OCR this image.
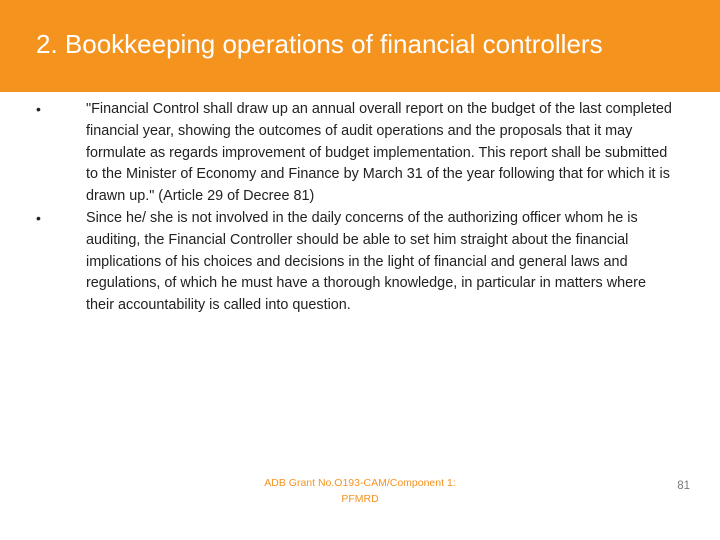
2. Bookkeeping operations of financial controllers
•	"Financial Control shall draw up an annual overall report on the budget of the last completed financial year, showing the outcomes of audit operations and the proposals that it may formulate as regards improvement of budget implementation. This report shall be submitted to the Minister of Economy and Finance by March 31 of the year following that for which it is drawn up." (Article 29 of Decree 81)
•	Since he/ she is not involved in the daily concerns of the authorizing officer whom he is auditing, the Financial Controller should be able to set him straight about the financial implications of his choices and decisions in the light of financial and general laws and regulations, of which he must have a thorough knowledge, in particular in matters where their accountability is called into question.
ADB Grant No.O193-CAM/Component 1:
PFMRD
81
